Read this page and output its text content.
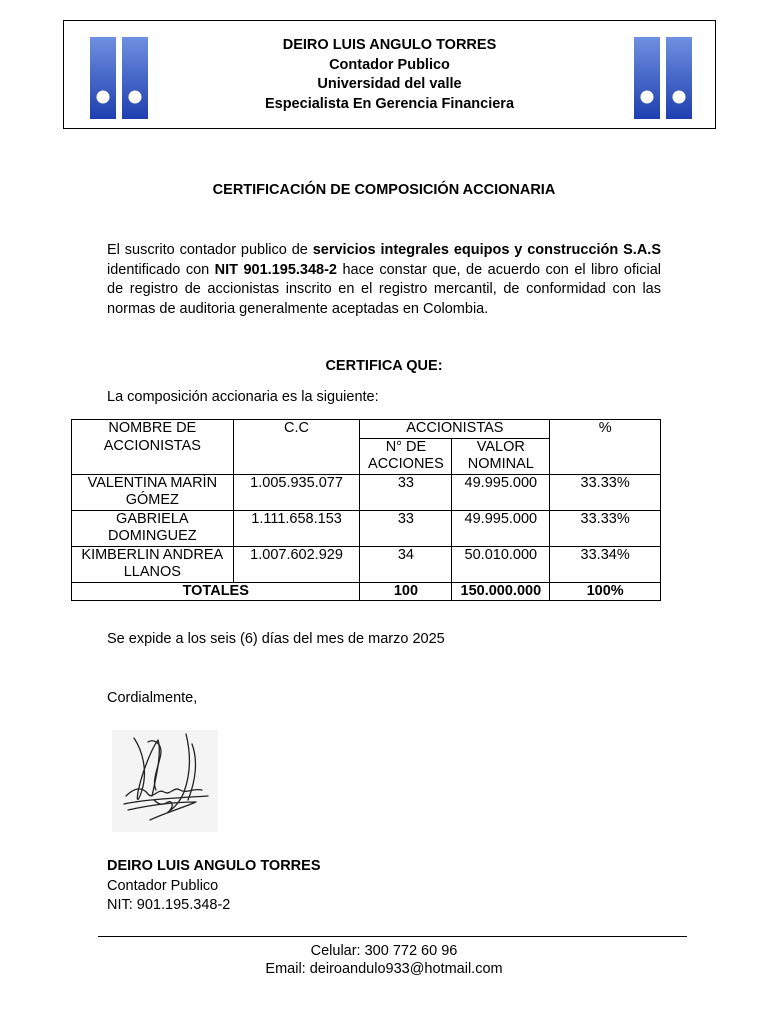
DEIRO LUIS ANGULO TORRES
Contador Publico
Universidad del valle
Especialista En Gerencia Financiera
CERTIFICACIÓN DE COMPOSICIÓN ACCIONARIA
El suscrito contador publico de servicios integrales equipos y construcción S.A.S identificado con NIT 901.195.348-2 hace constar que, de acuerdo con el libro oficial de registro de accionistas inscrito en el registro mercantil, de conformidad con las normas de auditoria generalmente aceptadas en Colombia.
CERTIFICA QUE:
La composición accionaria es la siguiente:
NOMBRE DE ACCIONISTAS	C.C	ACCIONISTAS		%
		N° DE ACCIONES	VALOR NOMINAL	
VALENTINA MARÍN GÓMEZ	1.005.935.077	33	49.995.000	33.33%
GABRIELA DOMINGUEZ	1.111.658.153	33	49.995.000	33.33%
KIMBERLIN ANDREA LLANOS	1.007.602.929	34	50.010.000	33.34%
TOTALES		100	150.000.000	100%
Se expide a los seis (6) días del mes de marzo 2025
Cordialmente,
DEIRO LUIS ANGULO TORRES
Contador Publico
NIT: 901.195.348-2
Celular: 300 772 60 96
Email: deiroandulo933@hotmail.com
